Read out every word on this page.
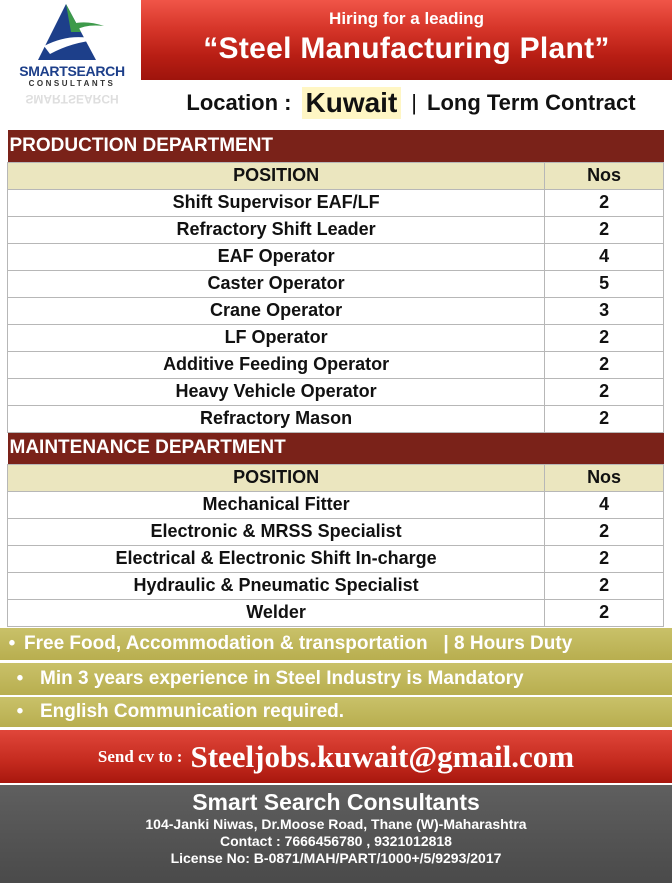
SMARTSEARCH
CONSULTANTS
SMARTSEARCH
Hiring for a leading
“Steel Manufacturing Plant”
Location : Kuwait | Long Term Contract
PRODUCTION DEPARTMENT	
POSITION	Nos
Shift Supervisor EAF/LF	2
Refractory Shift Leader	2
EAF Operator	4
Caster Operator	5
Crane Operator	3
LF Operator	2
Additive Feeding Operator	2
Heavy Vehicle Operator	2
Refractory Mason	2
MAINTENANCE DEPARTMENT	
POSITION	Nos
Mechanical Fitter	4
Electronic & MRSS Specialist	2
Electrical & Electronic Shift In-charge	2
Hydraulic & Pneumatic Specialist	2
Welder	2
• Free Food, Accommodation & transportation   | 8 Hours Duty
• Min 3 years experience in Steel Industry is Mandatory
• English Communication required.
Send cv to : Steeljobs.kuwait@gmail.com
Smart Search Consultants
104-Janki Niwas, Dr.Moose Road, Thane (W)-Maharashtra
Contact : 7666456780 , 9321012818
License No: B-0871/MAH/PART/1000+/5/9293/2017
